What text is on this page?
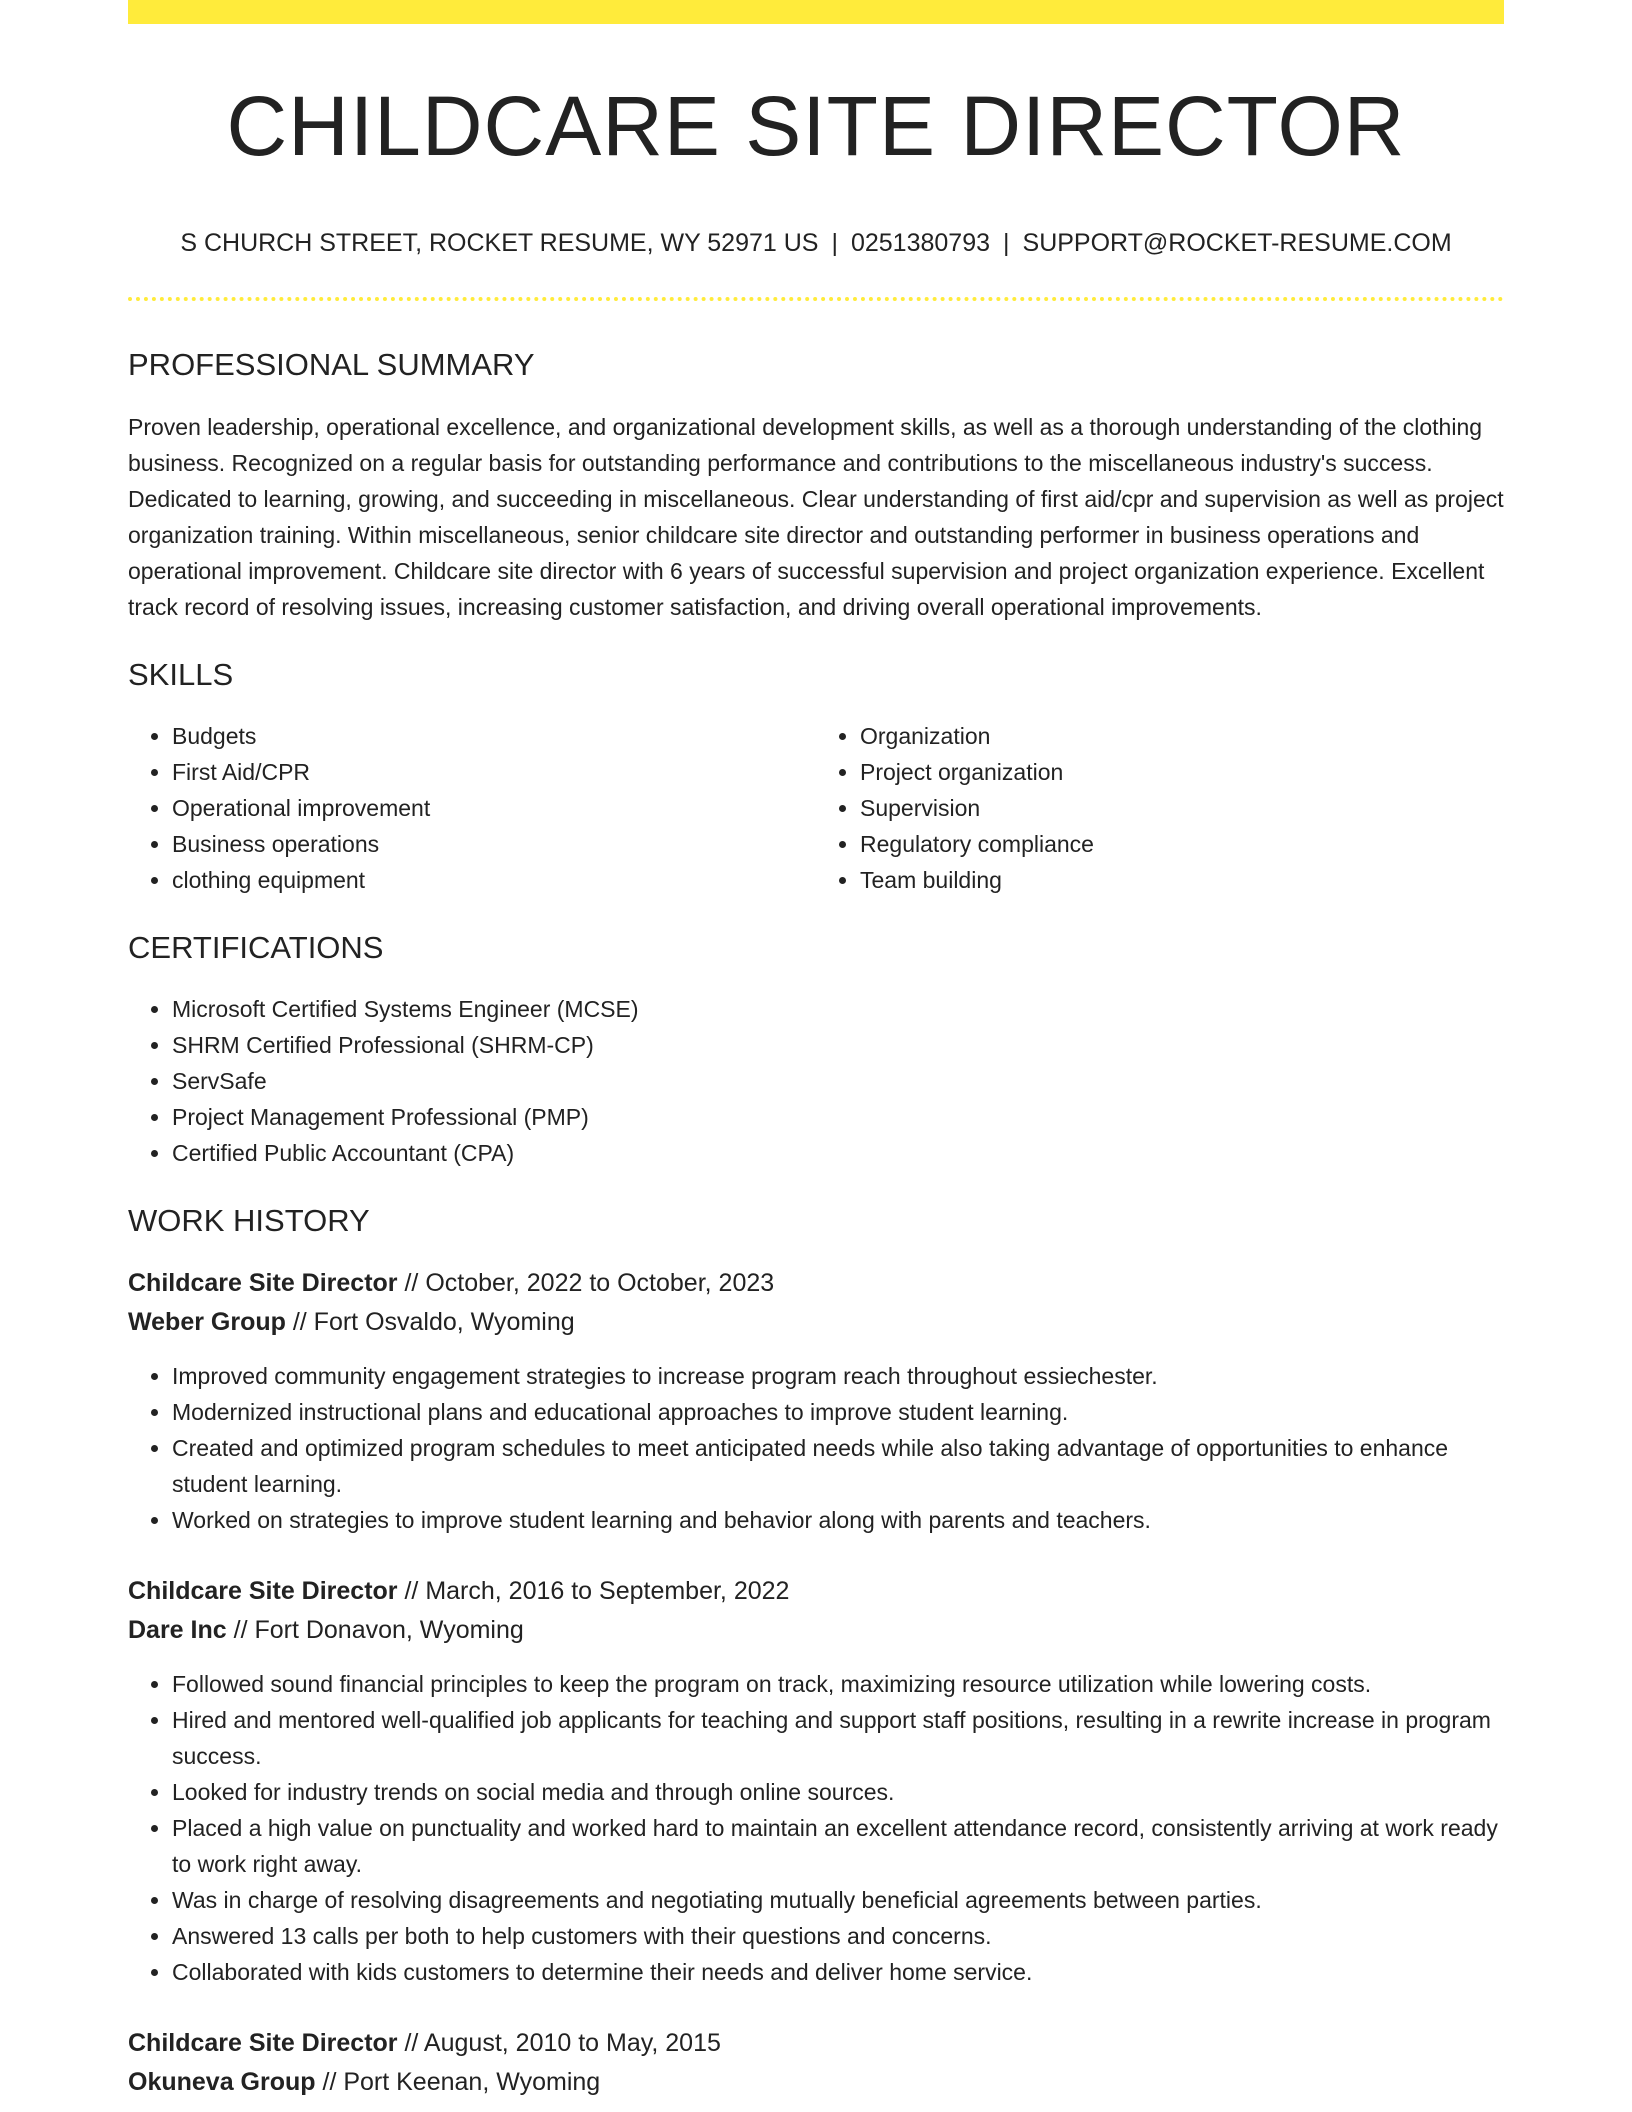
CHILDCARE SITE DIRECTOR
S CHURCH STREET, ROCKET RESUME, WY 52971 US | 0251380793 | SUPPORT@ROCKET-RESUME.COM
PROFESSIONAL SUMMARY

Proven leadership, operational excellence, and organizational development skills, as well as a thorough understanding of the clothing business. Recognized on a regular basis for outstanding performance and contributions to the miscellaneous industry's success. Dedicated to learning, growing, and succeeding in miscellaneous. Clear understanding of first aid/cpr and supervision as well as project organization training. Within miscellaneous, senior childcare site director and outstanding performer in business operations and operational improvement. Childcare site director with 6 years of successful supervision and project organization experience. Excellent track record of resolving issues, increasing customer satisfaction, and driving overall operational improvements.

SKILLS
• Budgets
• First Aid/CPR
• Operational improvement
• Business operations
• clothing equipment
• Organization
• Project organization
• Supervision
• Regulatory compliance
• Team building
CERTIFICATIONS
• Microsoft Certified Systems Engineer (MCSE)
• SHRM Certified Professional (SHRM-CP)
• ServSafe
• Project Management Professional (PMP)
• Certified Public Accountant (CPA)
WORK HISTORY
Childcare Site Director // October, 2022 to October, 2023
Weber Group // Fort Osvaldo, Wyoming
• Improved community engagement strategies to increase program reach throughout essiechester.
• Modernized instructional plans and educational approaches to improve student learning.
• Created and optimized program schedules to meet anticipated needs while also taking advantage of opportunities to enhance student learning.
• Worked on strategies to improve student learning and behavior along with parents and teachers.
Childcare Site Director // March, 2016 to September, 2022
Dare Inc // Fort Donavon, Wyoming
• Followed sound financial principles to keep the program on track, maximizing resource utilization while lowering costs.
• Hired and mentored well-qualified job applicants for teaching and support staff positions, resulting in a rewrite increase in program success.
• Looked for industry trends on social media and through online sources.
• Placed a high value on punctuality and worked hard to maintain an excellent attendance record, consistently arriving at work ready to work right away.
• Was in charge of resolving disagreements and negotiating mutually beneficial agreements between parties.
• Answered 13 calls per both to help customers with their questions and concerns.
• Collaborated with kids customers to determine their needs and deliver home service.
Childcare Site Director // August, 2010 to May, 2015
Okuneva Group // Port Keenan, Wyoming
